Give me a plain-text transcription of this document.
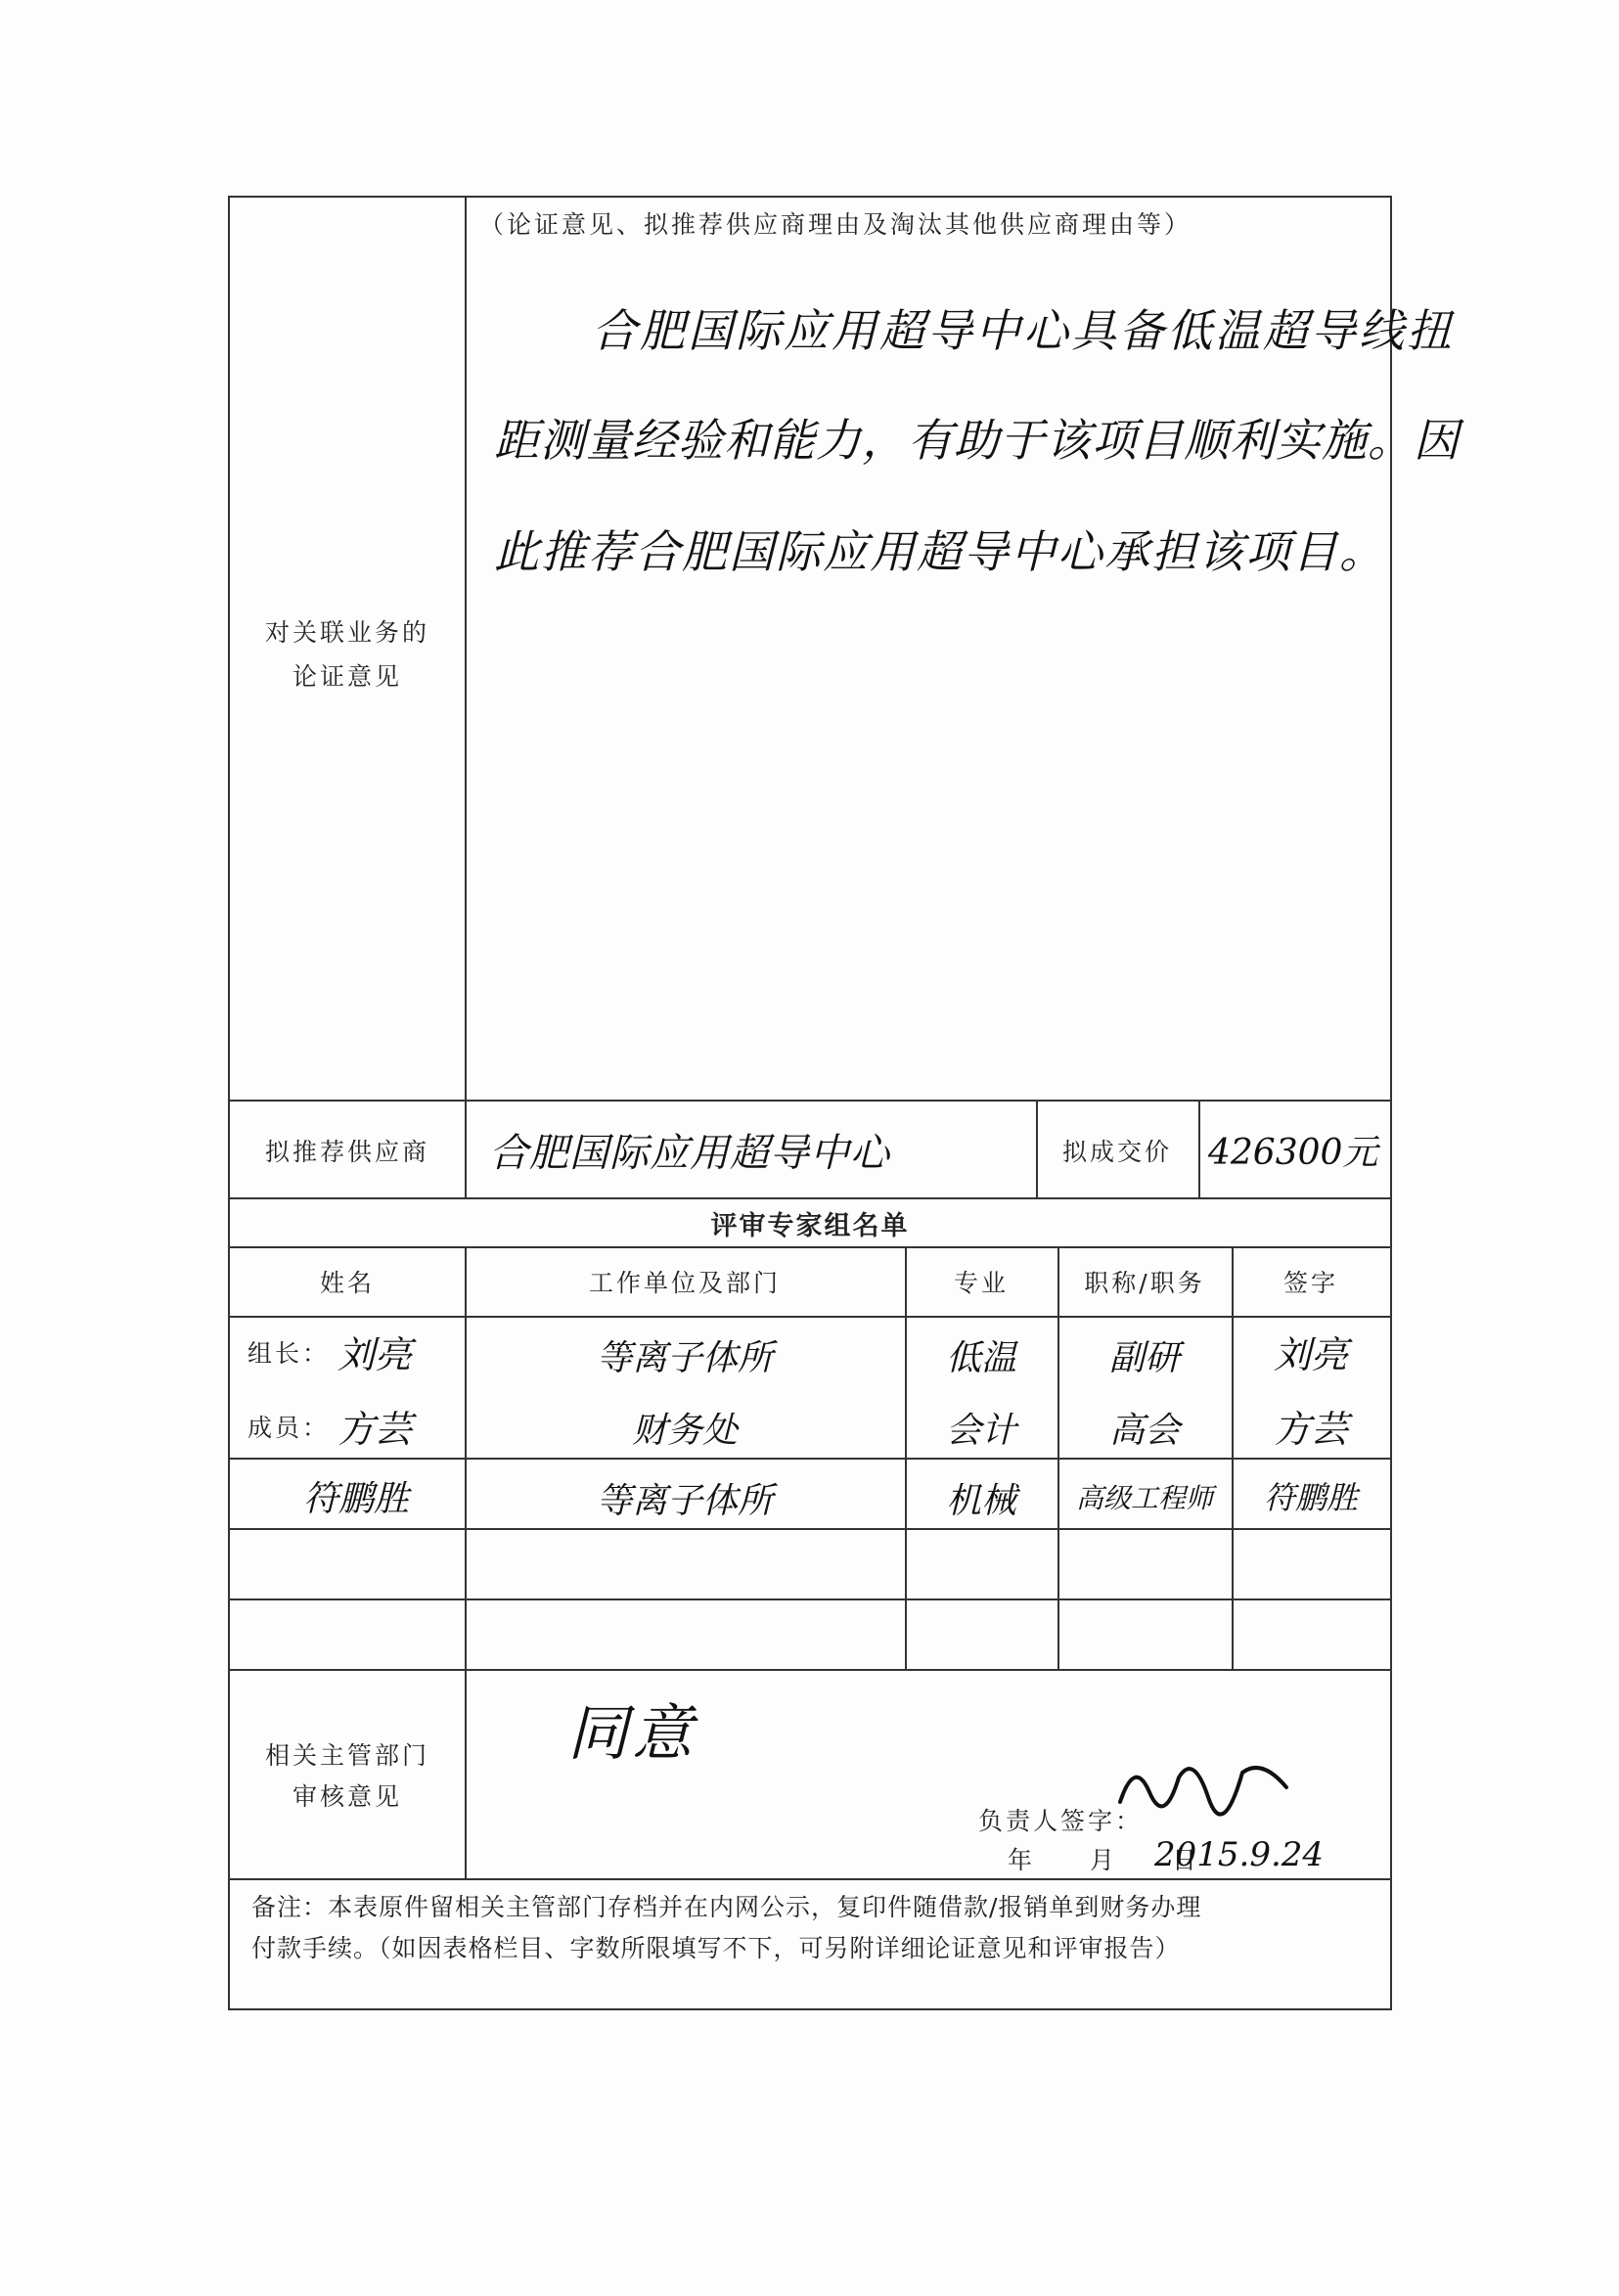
（论证意见、拟推荐供应商理由及淘汰其他供应商理由等）
对关联业务的
论证意见
合肥国际应用超导中心具备低温超导线扭
距测量经验和能力，有助于该项目顺利实施。因
此推荐合肥国际应用超导中心承担该项目。
拟推荐供应商	合肥国际应用超导中心	拟成交价	426300元
评审专家组名单
姓名	工作单位及部门	专业	职称/职务	签字
组长：
成员：
刘亮	等离子体所	低温	副研	刘亮
方芸	财务处	会计	高会	方芸
符鹏胜	等离子体所	机械	高级工程师	符鹏胜
相关主管部门
审核意见
同意
负责人签字：
年　　月　　日
2015.9.24
备注：本表原件留相关主管部门存档并在内网公示，复印件随借款/报销单到财务办理
付款手续。（如因表格栏目、字数所限填写不下，可另附详细论证意见和评审报告）
